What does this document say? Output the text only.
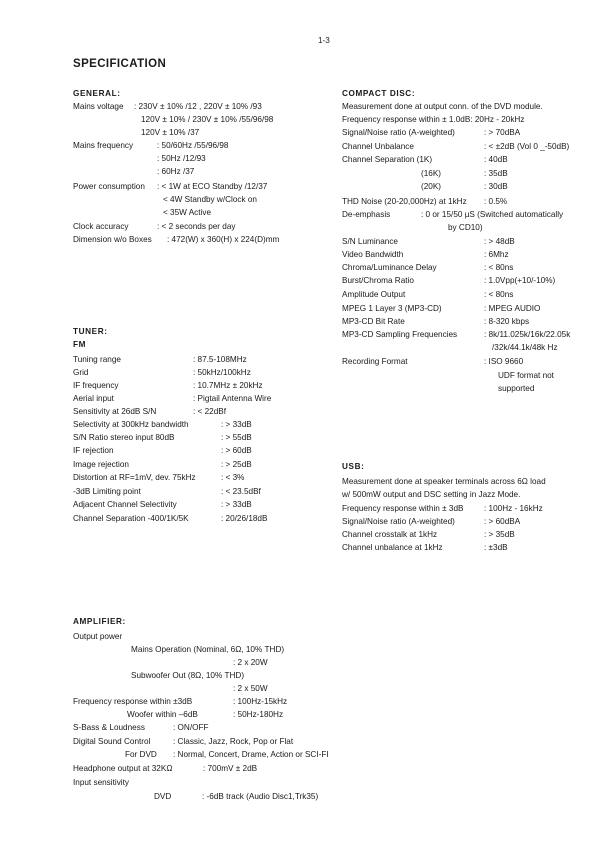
1-3
SPECIFICATION
GENERAL:
Mains voltage : 230V ± 10% /12 , 220V ± 10% /93
120V ± 10% / 230V ± 10% /55/96/98
120V ± 10% /37
Mains frequency	: 50/60Hz /55/96/98
: 50Hz /12/93
: 60Hz /37
Power consumption : < 1W at ECO Standby /12/37
< 4W Standby w/Clock on
< 35W Active
Clock accuracy	: < 2 seconds per day
Dimension w/o Boxes : 472(W) x 360(H) x 224(D)mm
TUNER:
FM
Tuning range	: 87.5-108MHz
Grid	: 50kHz/100kHz
IF frequency	: 10.7MHz ± 20kHz
Aerial input	: Pigtail Antenna Wire
Sensitivity at 26dB S/N	: < 22dBf
Selectivity at 300kHz bandwidth	: > 33dB
S/N Ratio stereo input 80dB	: > 55dB
IF rejection	: > 60dB
Image rejection	: > 25dB
Distortion at RF=1mV, dev. 75kHz	: < 3%
-3dB Limiting point	: < 23.5dBf
Adjacent Channel Selectivity	: > 33dB
Channel Separation -400/1K/5K	: 20/26/18dB
AMPLIFIER:
Output power
Mains Operation (Nominal, 6Ω, 10% THD)
: 2 x 20W
Subwoofer Out (8Ω, 10% THD)
: 2 x 50W
Frequency response within ±3dB	: 100Hz-15kHz
Woofer within –6dB	: 50Hz-180Hz
S-Bass & Loudness	: ON/OFF
Digital Sound Control	: Classic, Jazz, Rock, Pop or Flat
For DVD : Normal, Concert, Drame, Action or SCI-FI
Headphone output at 32KΩ	: 700mV ± 2dB
Input sensitivity
DVD	: -6dB track (Audio Disc1,Trk35)
COMPACT DISC:
Measurement done at output conn. of the DVD module.
Frequency response within ± 1.0dB: 20Hz - 20kHz
Signal/Noise ratio (A-weighted)	: > 70dBA
Channel Unbalance	: < ±2dB (Vol 0 _-50dB)
Channel Separation (1K)	: 40dB
(16K)	: 35dB
(20K)	: 30dB
THD Noise (20-20,000Hz) at 1kHz : 0.5%
De-emphasis	: 0 or 15/50 µS (Switched automatically
by CD10)
S/N Luminance	: > 48dB
Video Bandwidth	: 6Mhz
Chroma/Luminance Delay	: < 80ns
Burst/Chroma Ratio	: 1.0Vpp(+10/-10%)
Amplitude Output	: < 80ns
MPEG 1 Layer 3 (MP3-CD)	: MPEG AUDIO
MP3-CD Bit Rate	: 8-320 kbps
MP3-CD Sampling Frequencies	: 8k/11.025k/16k/22.05k
/32k/44.1k/48k Hz
Recording Format	: ISO 9660
UDF format not
supported
USB:
Measurement done at speaker terminals across 6Ω load
w/ 500mW output and DSC setting in Jazz Mode.
Frequency response within ± 3dB	: 100Hz - 16kHz
Signal/Noise ratio (A-weighted)	: > 60dBA
Channel crosstalk at 1kHz	: > 35dB
Channel unbalance at 1kHz	: ±3dB
